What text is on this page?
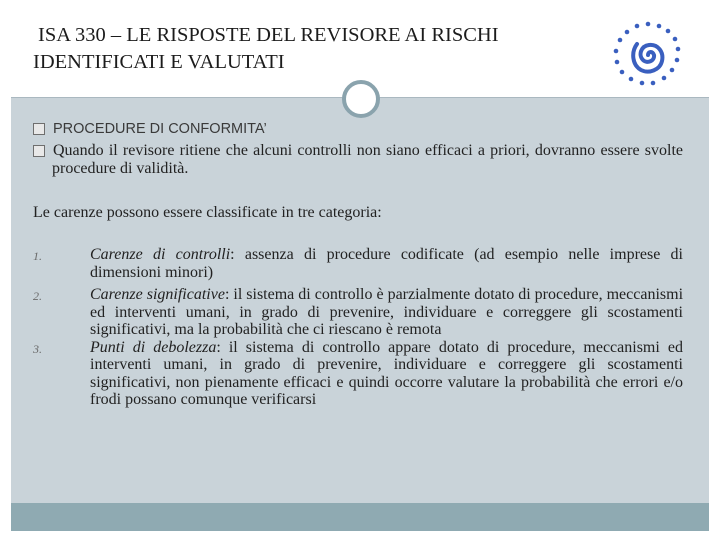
ISA 330 – LE RISPOSTE DEL REVISORE AI RISCHI
IDENTIFICATI E VALUTATI
PROCEDURE DI CONFORMITA’
Quando il revisore ritiene che alcuni controlli non siano efficaci a priori, dovranno essere svolte procedure di validità.
Le carenze possono essere classificate in tre categoria:
1.	Carenze di controlli: assenza di procedure codificate (ad esempio nelle imprese di dimensioni minori)
2.	Carenze significative: il sistema di controllo è parzialmente dotato di procedure, meccanismi ed interventi umani, in grado di prevenire, individuare e correggere gli scostamenti significativi, ma la probabilità che ci riescano è remota
3.	Punti di debolezza: il sistema di controllo appare dotato di procedure, meccanismi ed interventi umani, in grado di prevenire, individuare e correggere gli scostamenti significativi, non pienamente efficaci e quindi occorre valutare la probabilità che errori e/o frodi possano comunque verificarsi
